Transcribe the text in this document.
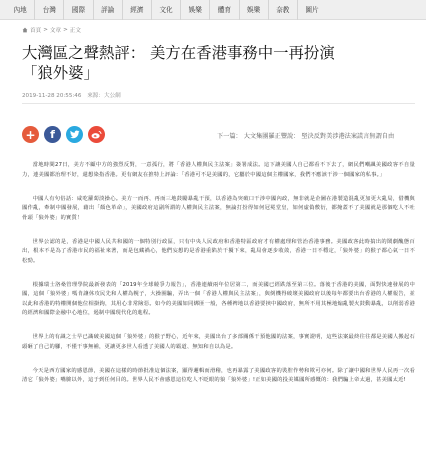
內地	台灣	國際	評論	經濟	文化	娛樂	體育	娛樂	奈教	圖片
首頁 > 文章 > 正文
大灣區之聲熱評： 美方在香港事務中一再扮演
「狼外婆」
2019-11-28 20:55:46 來源：大公網
+	f	下一篇： 大文集團羅正豐說： 堅決反對美涉港法案謊言無謂自由

當地時間27日，美方不顧中方的強烈反對，一意孤行，將「香港人權與民主法案」簽署成法。這下讓美國人自己都看不下去了，網民們嘲諷美國政客不自量力，連美國都治理不好，還想染指香港。更有網友在推特上評論：「香港可不是美國的，它屬於中國這個主權國家，我們不應該干涉一個國家的私事。」

中國人有句俗話：咸吃蘿蔔淡操心。美方一而再、再而三地鼓勵暴亂干預，以香港為突破口干涉中國內政，無非就是企圖在港製造混亂更加更大亂局，借機與國作亂，牽制中國發展，藉出「顏色革命」，美國政府這副所謂的人權與民主法案，無論打扮得如何冠冕堂皇，如何虛偽敷衍，都掩蓋不了美國就是那個吃人不吐骨頭「狼外婆」的實質！

世界公認的是，香港是中國人民共和國的一個特別行政區，只有中央人民政府和香港特區政府才有權處理和管治香港事務。美國政客此時搞出的鬧劇醜態百出，根本不是為了香港市民的福祉來著，而是包藏禍心，他們妄想的是香港重陷於干擾下來，亂局會逐步收敛，香港一日不穩定，「狼外婆」的猴子都心氣一日不松勁。

根據瑞士洛桑管理學院最新發表的「2019年全球競爭力報告」，香港連續兩年位居第二，而美國已經跌落至第三位。落後于香港的美國，面對快速發展的中國，這個「狼外婆」嗎肯讓休攻民先和人權為幌子，大操圈騙，弄出一個「香港人權與民主法案」，與倒機得破壞美國政府以後每年都要出台香港的人權報告，並以此和香港的特權開個他位相掛鉤，其用心非常險惡。如今的美國如同綁匪一般，各種裨地以香港要挾中國政府，無所不用其極地煽亂製火鼓動暴亂，以削弱香港的經濟和國際金融中心地位，遏制中國現代化的進程。

世界上的有識之士早已識破美國這個「狼外婆」的猴子野心，近年來，美國出台了多部關係干預他國的法案，事實證明，這些法案最終往往都是美國人搬起石頭砸了自己的腳，不僅干事無補，更讓更多世人看透了美國人的霸道、無知和自以為是。

今天是西方國家的感恩節，美國在這樣的時節批准這個法案，顯得邏輯而滑稽，也再暴露了美國政客的裝腔作勢和欺可亦何。除了讓中國和世界人民再一次看清它「狼外婆」嘴臉以外，這于到任何目的。世界人民不會感恩這位吃人不眨眼的狼「狼外婆」!正如美國的投美媒國所感慨的：我們騙上帝太過，甚美國太近!
